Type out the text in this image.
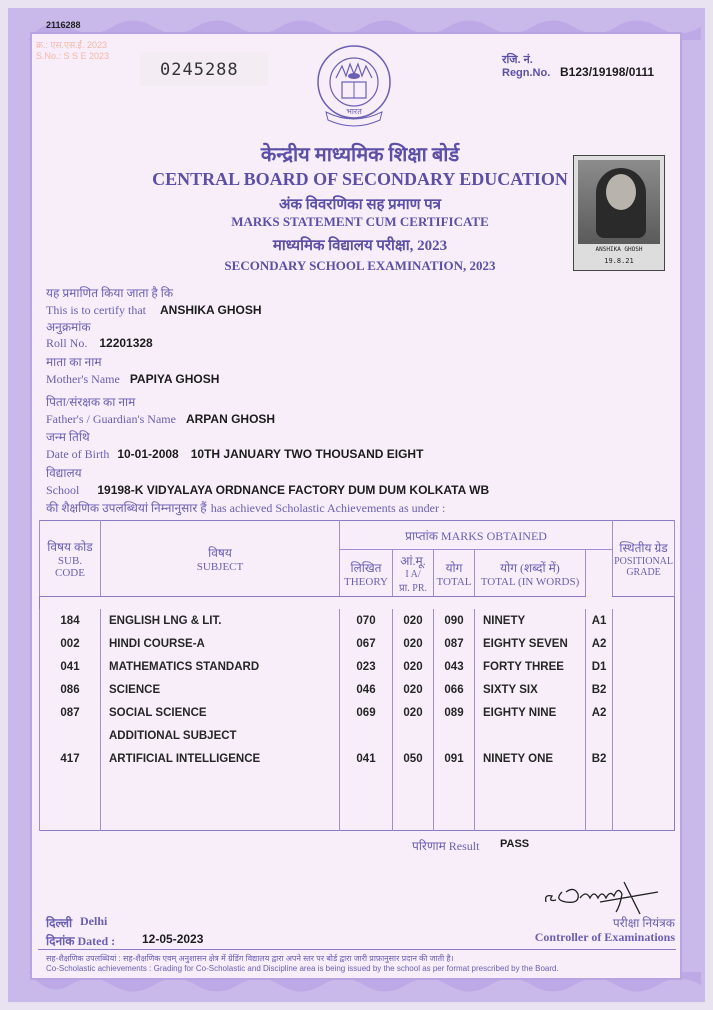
2116288
क्र.: एस.एस.ई. 2023
S.No.: S S E 2023
0245288
भारत
रजि. नं.
Regn.No. B123/19198/0111
ANSHIKA GHOSH
19.8.21
केन्द्रीय माध्यमिक शिक्षा बोर्ड
CENTRAL BOARD OF SECONDARY EDUCATION
अंक विवरणिका सह प्रमाण पत्र
MARKS STATEMENT CUM CERTIFICATE
माध्यमिक विद्यालय परीक्षा, 2023
SECONDARY SCHOOL EXAMINATION, 2023
यह प्रमाणित किया जाता है कि
This is to certify that ANSHIKA GHOSH
अनुक्रमांक
Roll No. 12201328
माता का नाम
Mother's Name PAPIYA GHOSH
पिता/संरक्षक का नाम
Father's / Guardian's Name ARPAN GHOSH
जन्म तिथि
Date of Birth 10-01-2008 10TH JANUARY TWO THOUSAND EIGHT
विद्यालय
School 19198-K VIDYALAYA ORDNANCE FACTORY DUM DUM KOLKATA WB
की शैक्षणिक उपलब्धियां निम्नानुसार हैं has achieved Scholastic Achievements as under :
विषय कोड
SUB.
CODE	विषय
SUBJECT	प्राप्तांक MARKS OBTAINED					स्थितीय ग्रेड
POSITIONAL
GRADE

		लिखित
THEORY	आं.मू.
I A/
प्रा. PR.	योग
TOTAL	योग (शब्दों में)
TOTAL (IN WORDS)		

184	ENGLISH LNG & LIT.	070	020	090	NINETY	A1	
002	HINDI COURSE-A	067	020	087	EIGHTY SEVEN	A2	
041	MATHEMATICS STANDARD	023	020	043	FORTY THREE	D1	
086	SCIENCE	046	020	066	SIXTY SIX	B2	
087	SOCIAL SCIENCE	069	020	089	EIGHTY NINE	A2	
	ADDITIONAL SUBJECT						
417	ARTIFICIAL INTELLIGENCE	041	050	091	NINETY ONE	B2	

परिणाम Result PASS
परीक्षा नियंत्रक
Controller of Examinations
दिल्ली Delhi
दिनांक Dated : 12-05-2023
सह-शैक्षणिक उपलब्धियां : सह-शैक्षणिक एवम् अनुशासन क्षेत्र में ग्रेडिंग विद्यालय द्वारा अपने स्तर पर बोर्ड द्वारा जारी प्राफ़ानुसार प्रदान की जाती है।
Co-Scholastic achievements : Grading for Co-Scholastic and Discipline area is being issued by the school as per format prescribed by the Board.
